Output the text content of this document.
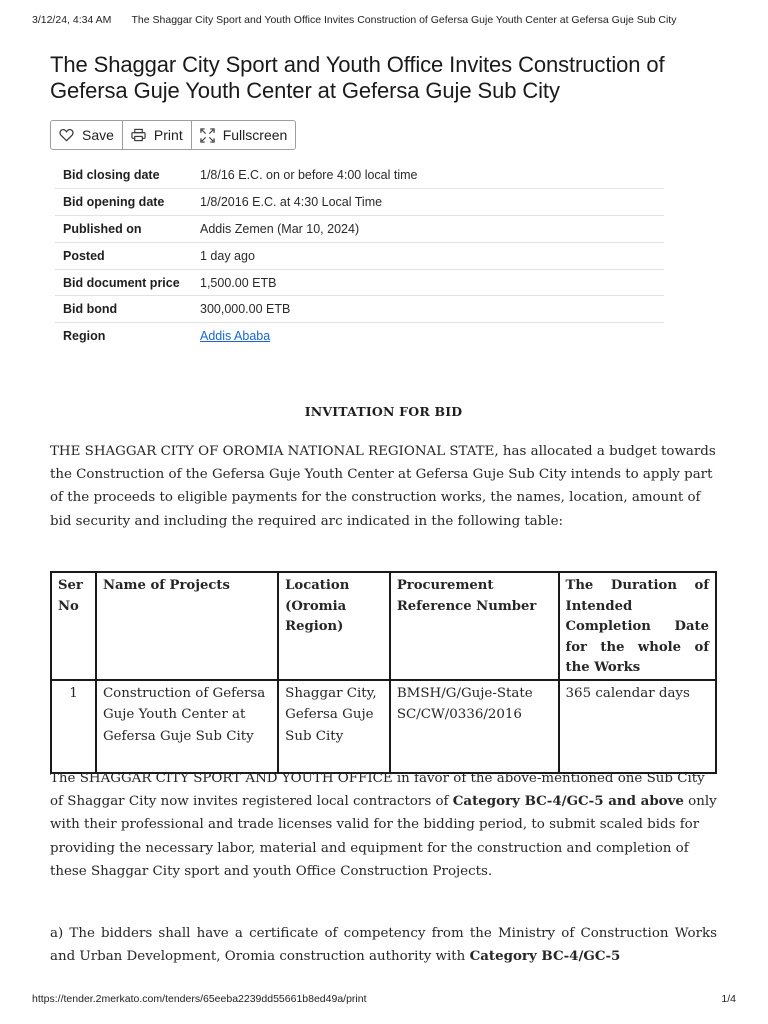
3/12/24, 4:34 AM	The Shaggar City Sport and Youth Office Invites Construction of Gefersa Guje Youth Center at Gefersa Guje Sub City
The Shaggar City Sport and Youth Office Invites Construction of Gefersa Guje Youth Center at Gefersa Guje Sub City
Save	Print	Fullscreen
Bid closing date	1/8/16 E.C. on or before 4:00 local time
Bid opening date	1/8/2016 E.C. at 4:30 Local Time
Published on	Addis Zemen (Mar 10, 2024)
Posted	1 day ago
Bid document price	1,500.00 ETB
Bid bond	300,000.00 ETB
Region	Addis Ababa
INVITATION FOR BID

THE SHAGGAR CITY OF OROMIA NATIONAL REGIONAL STATE, has allocated a budget towards the Construction of the Gefersa Guje Youth Center at Gefersa Guje Sub City intends to apply part of the proceeds to eligible payments for the construction works, the names, location, amount of bid security and including the required arc indicated in the following table:

Ser No	Name of Projects	Location (Oromia Region)	Procurement Reference Number	The Duration of Intended Completion Date for the whole of the Works
1	Construction of Gefersa Guje Youth Center at Gefersa Guje Sub City	Shaggar City, Gefersa Guje Sub City	BMSH/G/Guje-State SC/CW/0336/2016	365 calendar days

The SHAGGAR CITY SPORT AND YOUTH OFFICE in favor of the above-mentioned one Sub City of Shaggar City now invites registered local contractors of Category BC-4/GC-5 and above only with their professional and trade licenses valid for the bidding period, to submit scaled bids for providing the necessary labor, material and equipment for the construction and completion of these Shaggar City sport and youth Office Construction Projects.

a) The bidders shall have a certificate of competency from the Ministry of Construction Works and Urban Development, Oromia construction authority with Category BC-4/GC-5

https://tender.2merkato.com/tenders/65eeba2239dd55661b8ed49a/print	1/4
